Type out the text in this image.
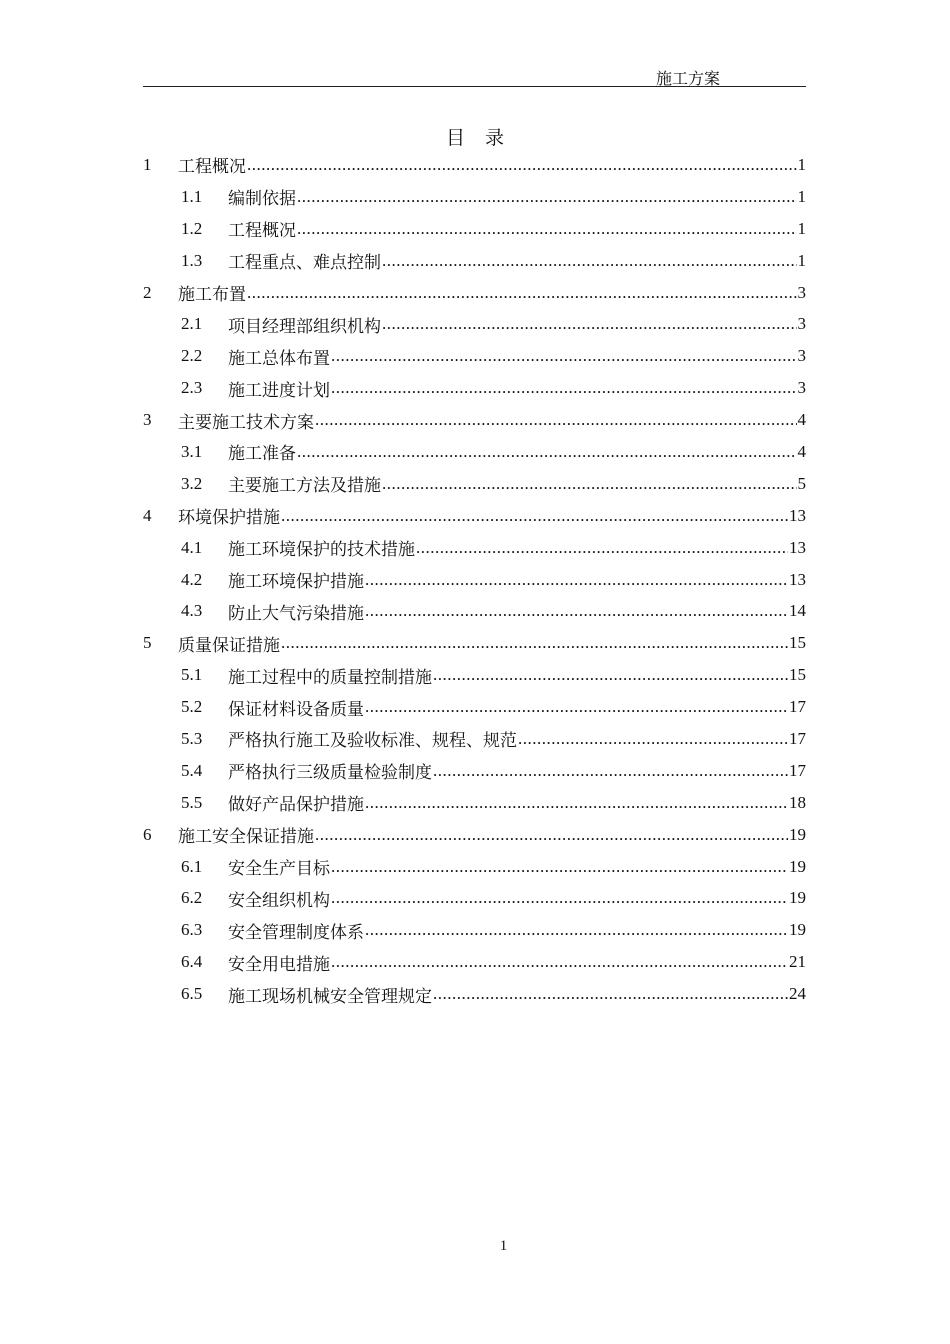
施工方案
目录
1	工程概况 .....	1
1.1	编制依据 .....	1
1.2	工程概况 .....	1
1.3	工程重点、难点控制 .....	1
2	施工布置 .....	3
2.1	项目经理部组织机构 .....	3
2.2	施工总体布置 .....	3
2.3	施工进度计划 .....	3
3	主要施工技术方案 .....	4
3.1	施工准备 .....	4
3.2	主要施工方法及措施 .....	5
4	环境保护措施 .....	13
4.1	施工环境保护的技术措施 .....	13
4.2	施工环境保护措施 .....	13
4.3	防止大气污染措施 .....	14
5	质量保证措施 .....	15
5.1	施工过程中的质量控制措施 .....	15
5.2	保证材料设备质量 .....	17
5.3	严格执行施工及验收标准、规程、规范 .....	17
5.4	严格执行三级质量检验制度 .....	17
5.5	做好产品保护措施 .....	18
6	施工安全保证措施 .....	19
6.1	安全生产目标 .....	19
6.2	安全组织机构 .....	19
6.3	安全管理制度体系 .....	19
6.4	安全用电措施 .....	21
6.5	施工现场机械安全管理规定 .....	24
1
